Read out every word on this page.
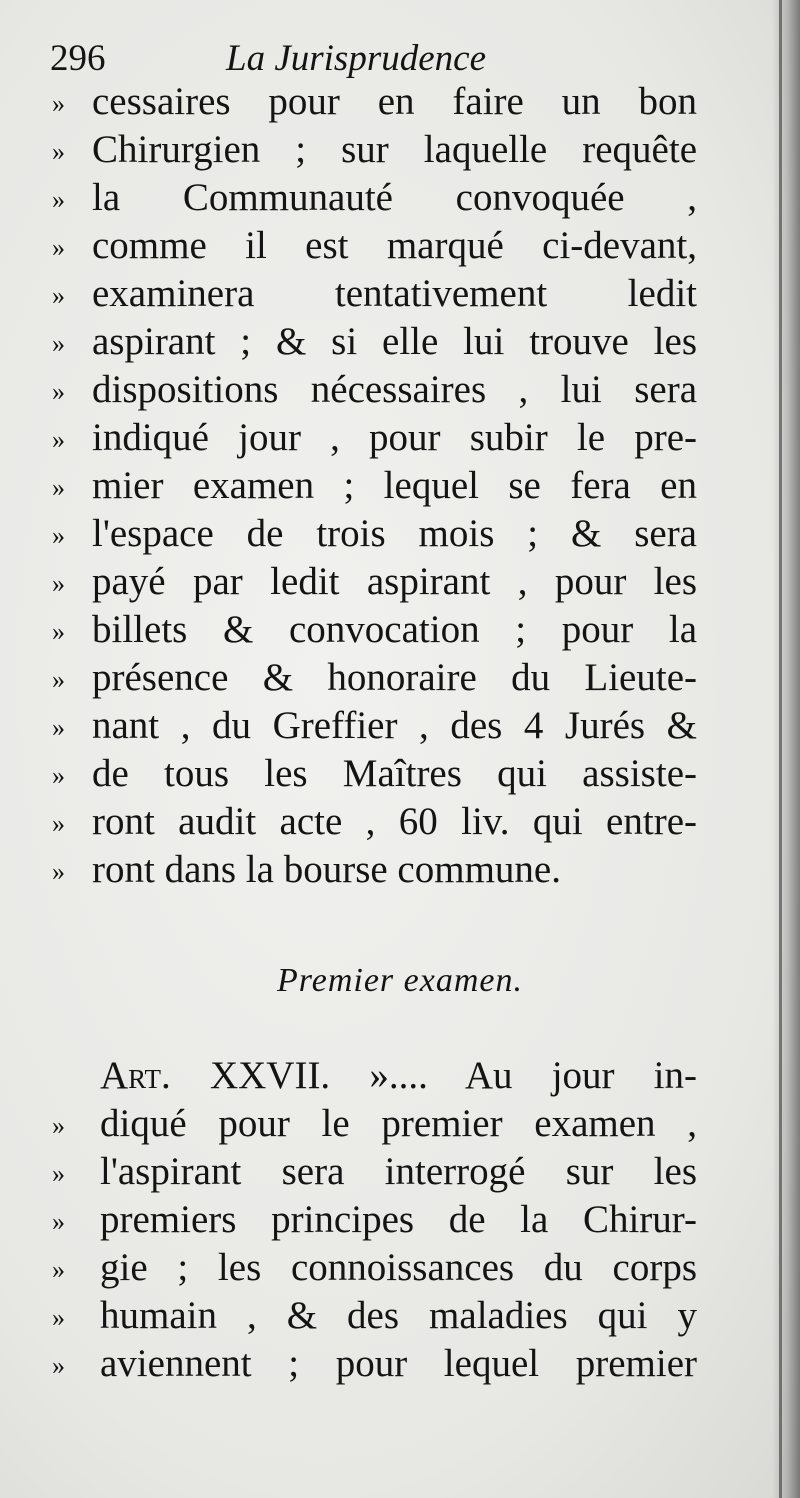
296	La Jurisprudence
» cessaires pour en faire un bon
» Chirurgien ; sur laquelle requête
» la Communauté convoquée ,
» comme il est marqué ci-devant,
» examinera tentativement ledit
» aspirant ; & si elle lui trouve les
» dispositions nécessaires , lui sera
» indiqué jour , pour subir le pre-
» mier examen ; lequel se fera en
» l'espace de trois mois ; & sera
» payé par ledit aspirant , pour les
» billets & convocation ; pour la
» présence & honoraire du Lieute-
» nant , du Greffier , des 4 Jurés &
» de tous les Maîtres qui assiste-
» ront audit acte , 60 liv. qui entre-
» ront dans la bourse commune.
Premier examen.
Art. XXVII. ».... Au jour in-
» diqué pour le premier examen ,
» l'aspirant sera interrogé sur les
» premiers principes de la Chirur-
» gie ; les connoissances du corps
» humain , & des maladies qui y
» aviennent ; pour lequel premier
